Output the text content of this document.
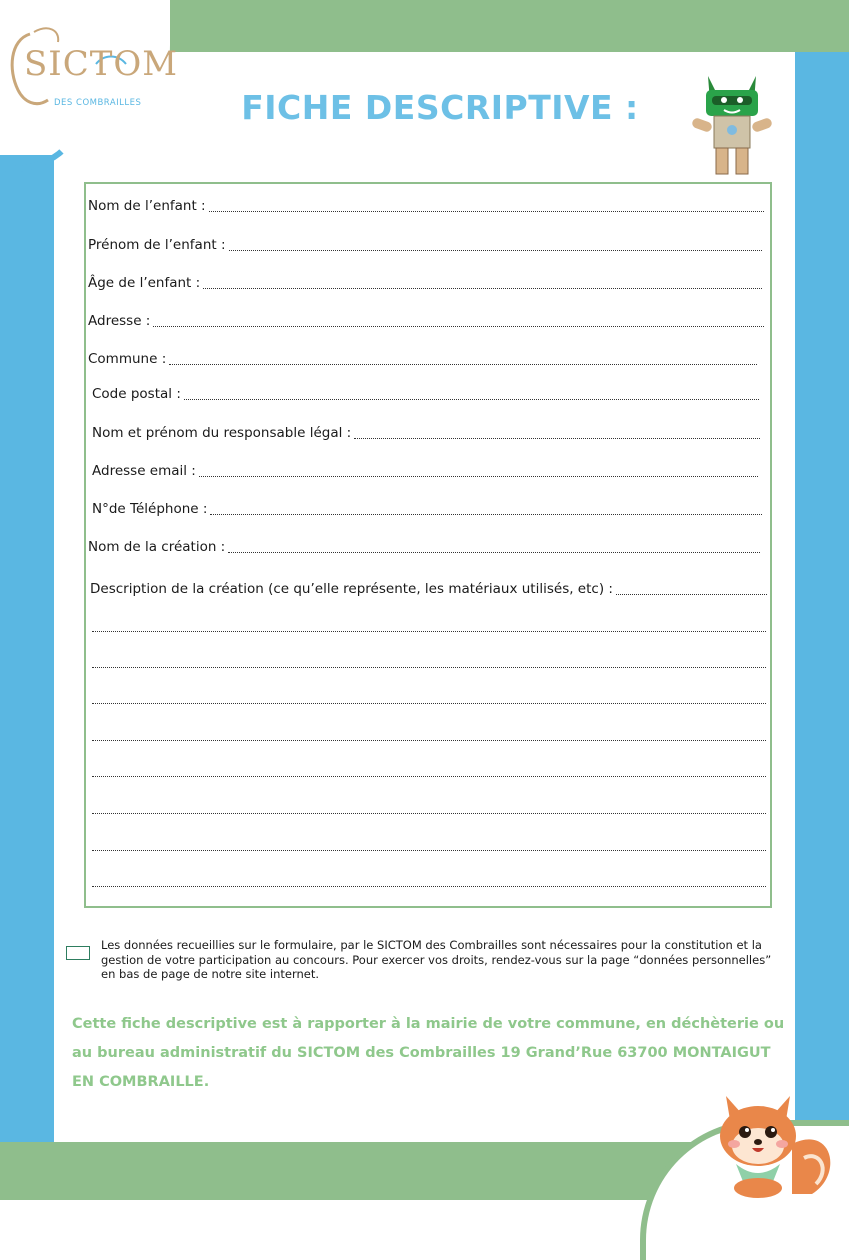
SICTOM
DES COMBRAILLES	FICHE DESCRIPTIVE :
Les données recueillies sur le formulaire, par le SICTOM des Combrailles sont nécessaires pour la constitution et la gestion de votre participation au concours. Pour exercer vos droits, rendez-vous sur la page “données personnelles” en bas de page de notre site internet.
Cette fiche descriptive est à rapporter à la mairie de votre commune, en déchèterie ou au bureau administratif du SICTOM des Combrailles 19 Grand’Rue 63700 MONTAIGUT EN COMBRAILLE.
Nom de l’enfant :
Prénom de l’enfant :
Âge de l’enfant :
Adresse :
Commune :
Code postal :
Nom et prénom du responsable légal :
Adresse email :
N°de Téléphone :
Nom de la création :
Description de la création (ce qu’elle représente, les matériaux utilisés, etc) :
